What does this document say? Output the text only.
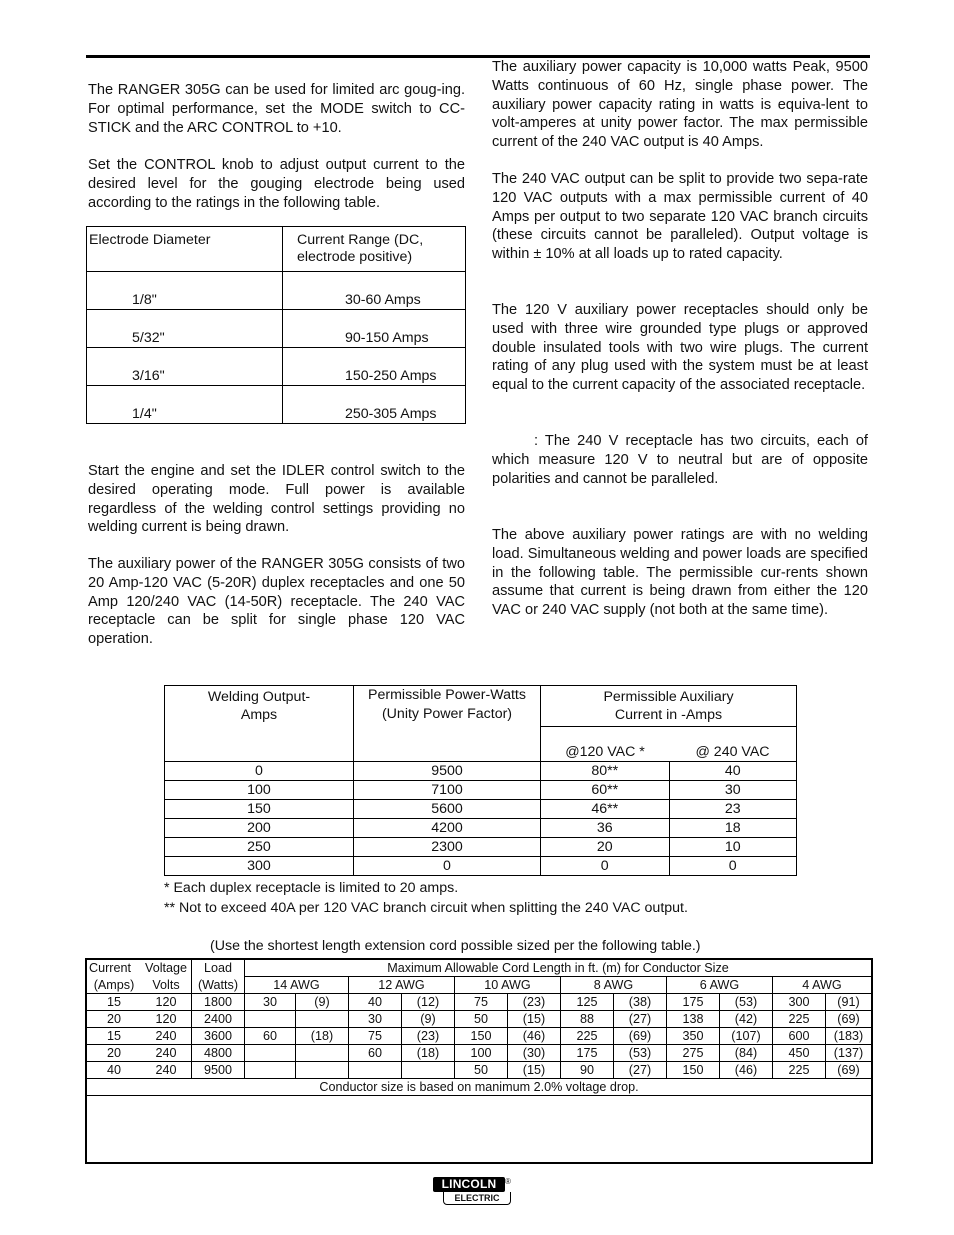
The RANGER 305G can be used for limited arc goug-ing. For optimal performance, set the MODE switch to CC-STICK and the ARC CONTROL to +10.

Set the CONTROL knob to adjust output current to the desired level for the gouging electrode being used according to the ratings in the following table.

Electrode Diameter	Current Range (DC, electrode positive)
1/8"	30-60 Amps
5/32"	90-150 Amps
3/16"	150-250 Amps
1/4"	250-305 Amps

Start the engine and set the IDLER control switch to the desired operating mode. Full power is available regardless of the welding control settings providing no welding current is being drawn.

The auxiliary power of the RANGER 305G consists of two 20 Amp-120 VAC (5-20R) duplex receptacles and one 50 Amp 120/240 VAC (14-50R) receptacle. The 240 VAC receptacle can be split for single phase 120 VAC operation.

The auxiliary power capacity is 10,000 watts Peak, 9500 Watts continuous of 60 Hz, single phase power. The auxiliary power capacity rating in watts is equiva-lent to volt-amperes at unity power factor. The max permissible current of the 240 VAC output is 40 Amps.

The 240 VAC output can be split to provide two sepa-rate 120 VAC outputs with a max permissible current of 40 Amps per output to two separate 120 VAC branch circuits (these circuits cannot be paralleled). Output voltage is within ± 10% at all loads up to rated capacity.

The 120 V auxiliary power receptacles should only be used with three wire grounded type plugs or approved double insulated tools with two wire plugs. The current rating of any plug used with the system must be at least equal to the current capacity of the associated receptacle.

: The 240 V receptacle has two circuits, each of which measure 120 V to neutral but are of opposite polarities and cannot be paralleled.

The above auxiliary power ratings are with no welding load. Simultaneous welding and power loads are specified in the following table. The permissible cur-rents shown assume that current is being drawn from either the 120 VAC or 240 VAC supply (not both at the same time).

Welding Output-Amps	Permissible Power-Watts (Unity Power Factor)	Permissible Auxiliary Current in -Amps	

		@120 VAC *	@ 240 VAC
0	9500	80**	40
100	7100	60**	30
150	5600	46**	23
200	4200	36	18
250	2300	20	10
300	0	0	0
* Each duplex receptacle is limited to 20 amps.
** Not to exceed 40A per 120 VAC branch circuit when splitting the 240 VAC output.
(Use the shortest length extension cord possible sized per the following table.)
Current	Voltage	Load	Maximum Allowable Cord Length in ft. (m) for Conductor Size											
(Amps)	Volts	(Watts)	14 AWG		12 AWG		10 AWG		8 AWG		6 AWG		4 AWG	
15	120	1800	30	(9)	40	(12)	75	(23)	125	(38)	175	(53)	300	(91)
20	120	2400			30	(9)	50	(15)	88	(27)	138	(42)	225	(69)
15	240	3600	60	(18)	75	(23)	150	(46)	225	(69)	350	(107)	600	(183)
20	240	4800			60	(18)	100	(30)	175	(53)	275	(84)	450	(137)
40	240	9500					50	(15)	90	(27)	150	(46)	225	(69)
Conductor size is based on manimum 2.0% voltage drop.														

LINCOLN
ELECTRIC
®
